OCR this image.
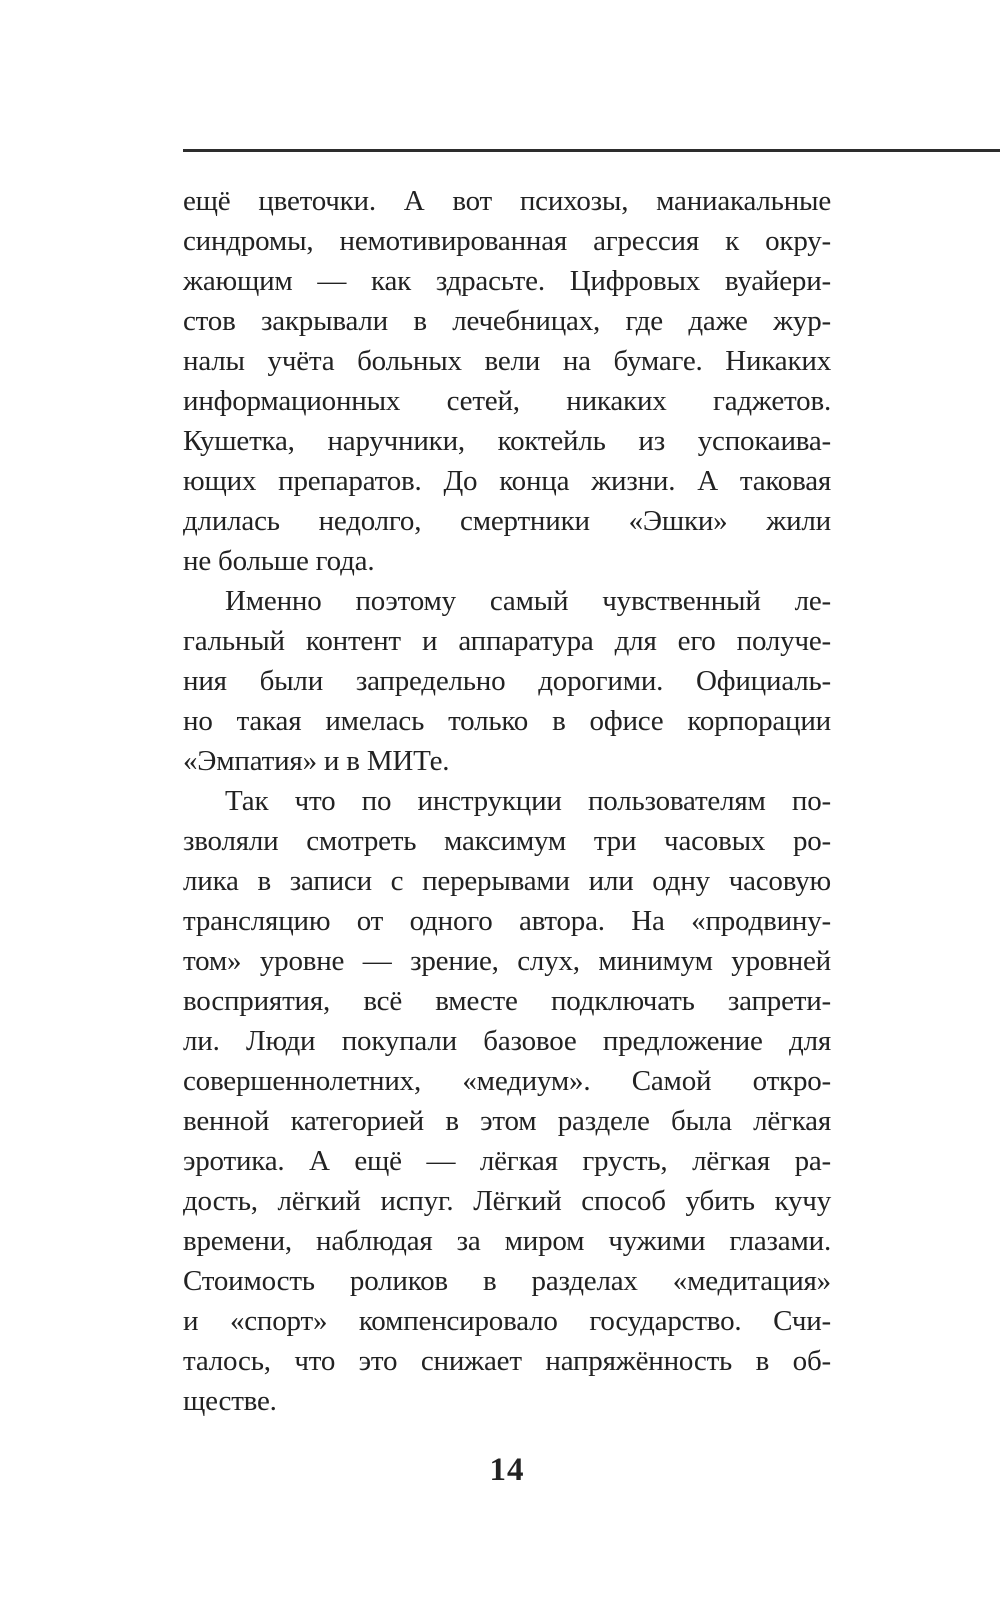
ещё цветочки. А вот психозы, маниакальные
синдромы, немотивированная агрессия к окру-
жающим — как здрасьте. Цифровых вуайери-
стов закрывали в лечебницах, где даже жур-
налы учёта больных вели на бумаге. Никаких
информационных сетей, никаких гаджетов.
Кушетка, наручники, коктейль из успокаива-
ющих препаратов. До конца жизни. А таковая
длилась недолго, смертники «Эшки» жили
не больше года.
Именно поэтому самый чувственный ле-
гальный контент и аппаратура для его получе-
ния были запредельно дорогими. Официаль-
но такая имелась только в офисе корпорации
«Эмпатия» и в МИТе.
Так что по инструкции пользователям по-
зволяли смотреть максимум три часовых ро-
лика в записи с перерывами или одну часовую
трансляцию от одного автора. На «продвину-
том» уровне — зрение, слух, минимум уровней
восприятия, всё вместе подключать запрети-
ли. Люди покупали базовое предложение для
совершеннолетних, «медиум». Самой откро-
венной категорией в этом разделе была лёгкая
эротика. А ещё — лёгкая грусть, лёгкая ра-
дость, лёгкий испуг. Лёгкий способ убить кучу
времени, наблюдая за миром чужими глазами.
Стоимость роликов в разделах «медитация»
и «спорт» компенсировало государство. Счи-
талось, что это снижает напряжённость в об-
ществе.
14
